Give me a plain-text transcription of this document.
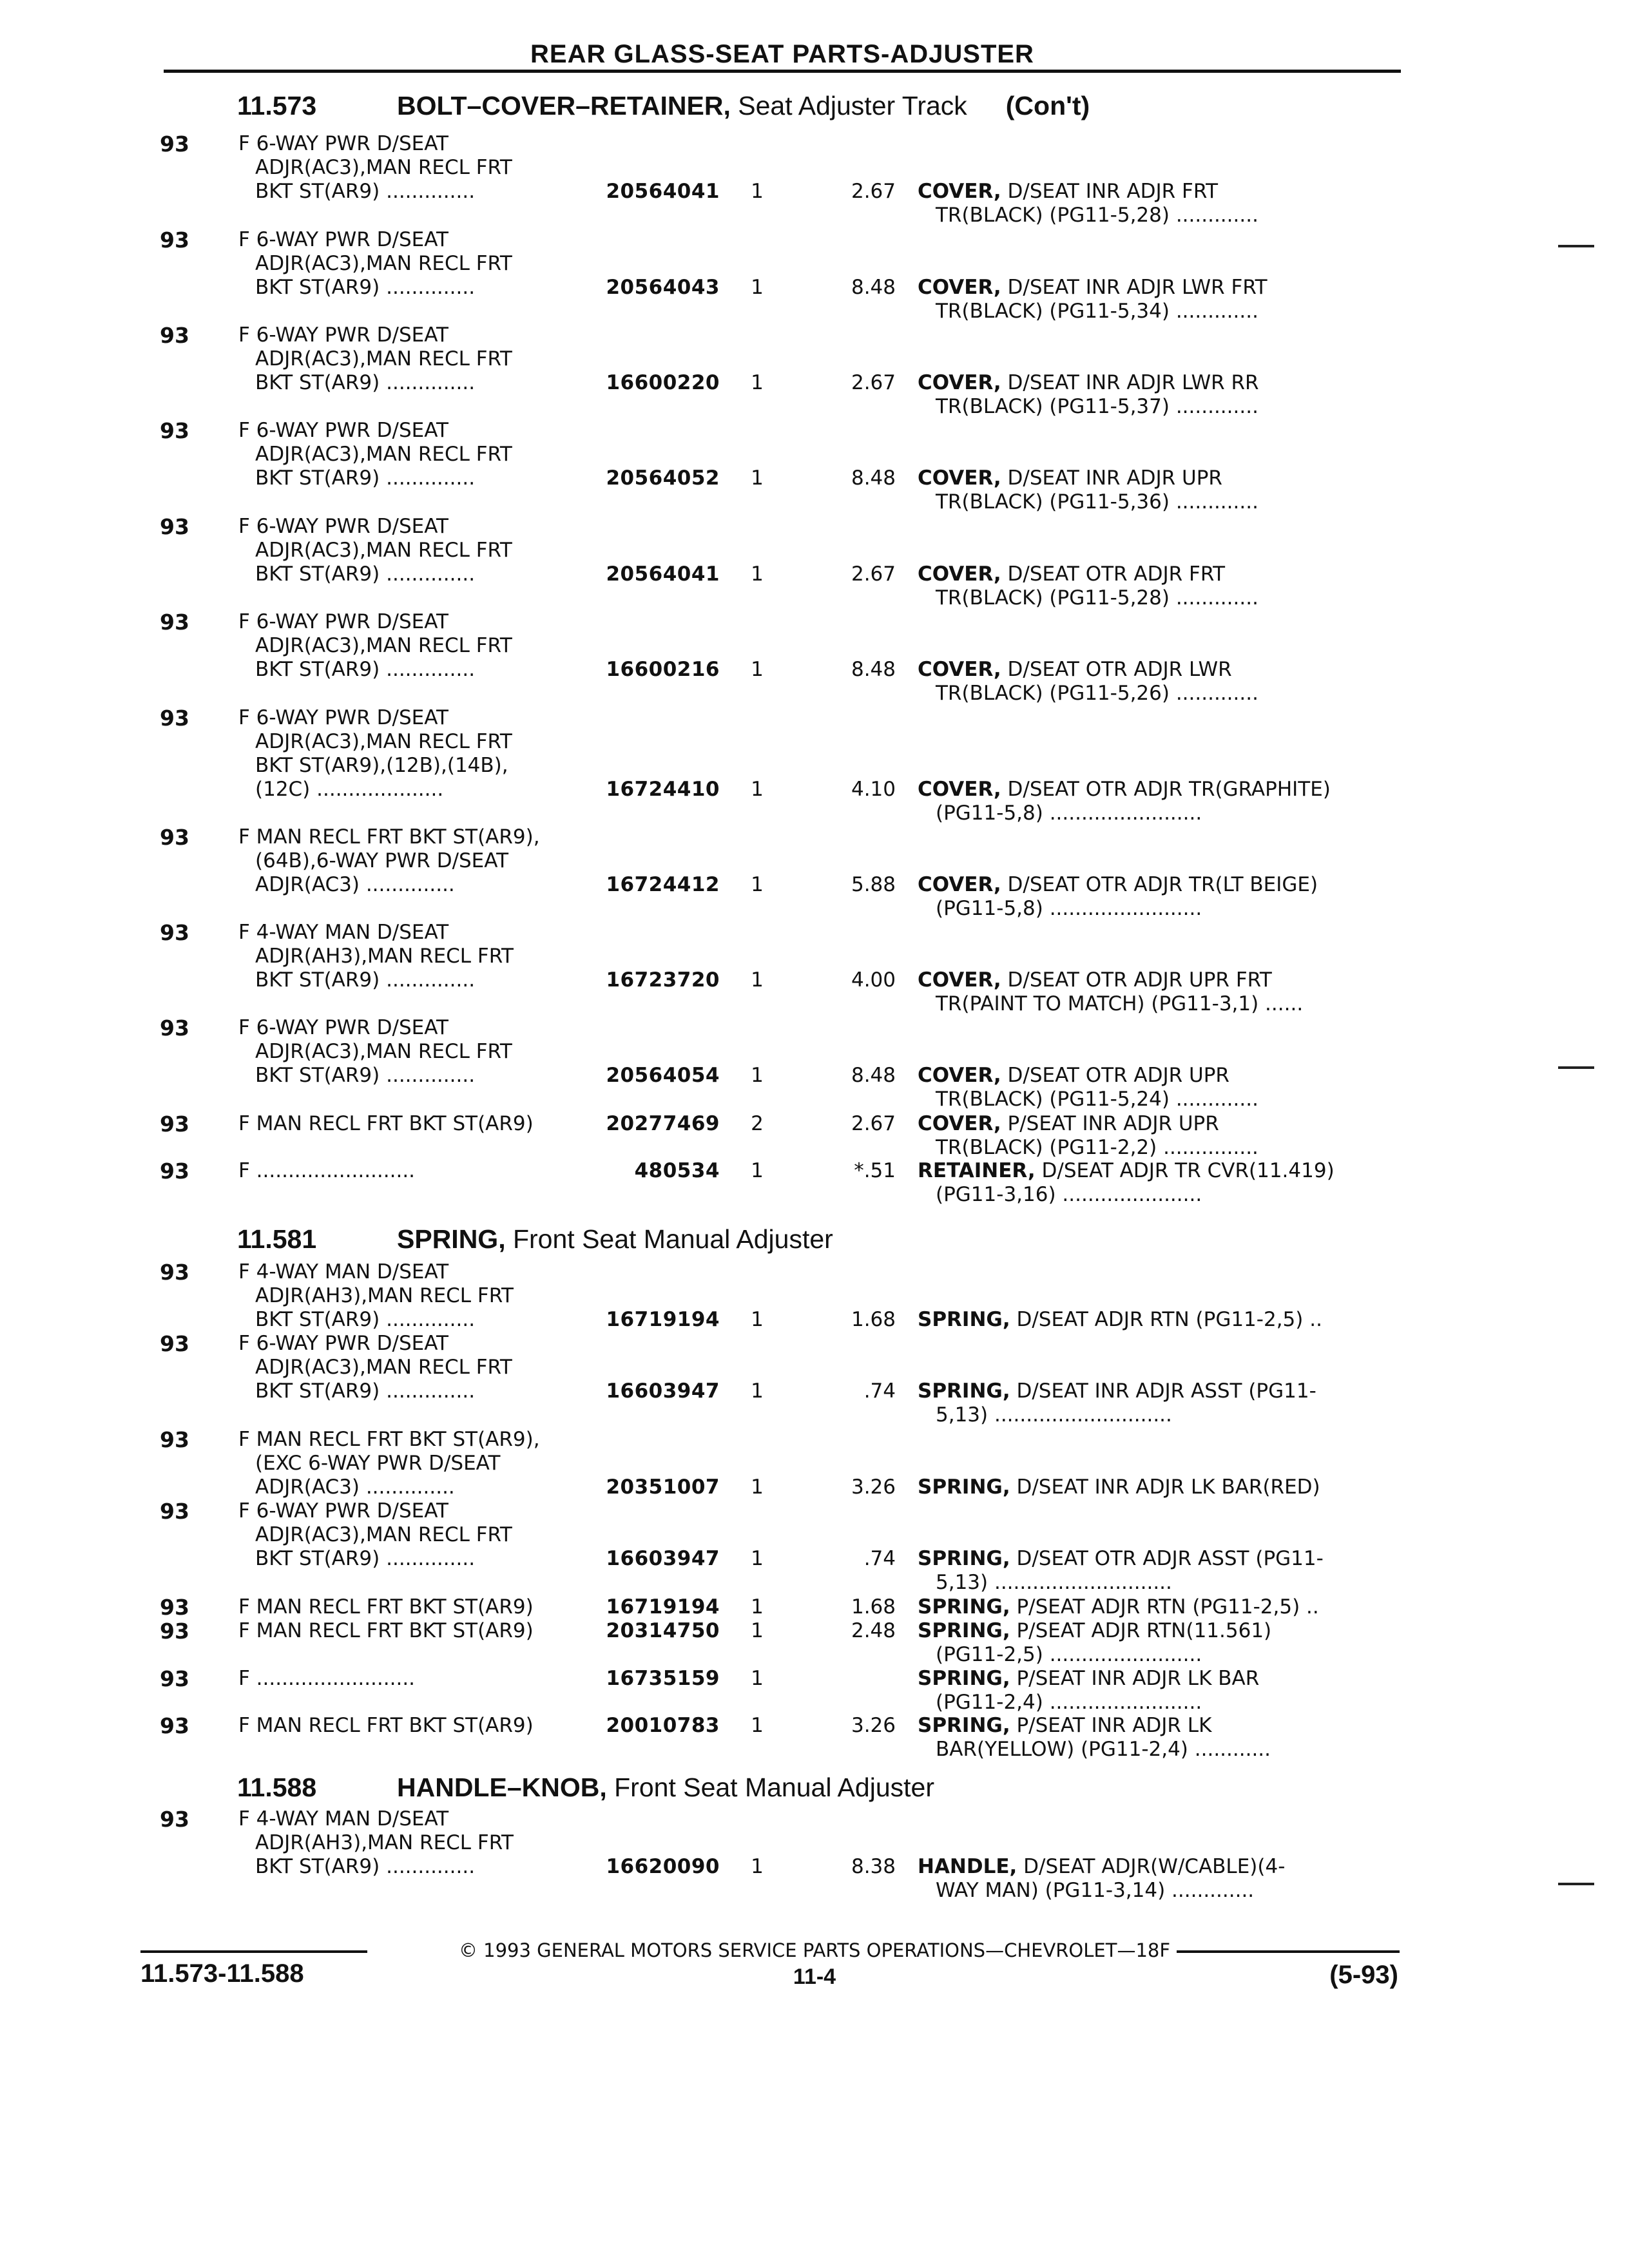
REAR GLASS-SEAT PARTS-ADJUSTER
11.573	BOLT–COVER–RETAINER, Seat Adjuster Track (Con't)
93 F 6-WAY PWR D/SEAT
ADJR(AC3),MAN RECL FRT
BKT ST(AR9) ..............	20564041	1	2.67 COVER, D/SEAT INR ADJR FRT
TR(BLACK) (PG11-5,28) .............
93 F 6-WAY PWR D/SEAT
ADJR(AC3),MAN RECL FRT
BKT ST(AR9) ..............	20564043	1	8.48 COVER, D/SEAT INR ADJR LWR FRT
TR(BLACK) (PG11-5,34) .............
93 F 6-WAY PWR D/SEAT
ADJR(AC3),MAN RECL FRT
BKT ST(AR9) ..............	16600220	1	2.67 COVER, D/SEAT INR ADJR LWR RR
TR(BLACK) (PG11-5,37) .............
93 F 6-WAY PWR D/SEAT
ADJR(AC3),MAN RECL FRT
BKT ST(AR9) ..............	20564052	1	8.48 COVER, D/SEAT INR ADJR UPR
TR(BLACK) (PG11-5,36) .............
93 F 6-WAY PWR D/SEAT
ADJR(AC3),MAN RECL FRT
BKT ST(AR9) ..............	20564041	1	2.67 COVER, D/SEAT OTR ADJR FRT
TR(BLACK) (PG11-5,28) .............
93 F 6-WAY PWR D/SEAT
ADJR(AC3),MAN RECL FRT
BKT ST(AR9) ..............	16600216	1	8.48 COVER, D/SEAT OTR ADJR LWR
TR(BLACK) (PG11-5,26) .............
93 F 6-WAY PWR D/SEAT
ADJR(AC3),MAN RECL FRT
BKT ST(AR9),(12B),(14B),
(12C) ....................	16724410	1	4.10 COVER, D/SEAT OTR ADJR TR(GRAPHITE)
(PG11-5,8) ........................
93 F MAN RECL FRT BKT ST(AR9),
(64B),6-WAY PWR D/SEAT
ADJR(AC3) ..............	16724412	1	5.88 COVER, D/SEAT OTR ADJR TR(LT BEIGE)
(PG11-5,8) ........................
93 F 4-WAY MAN D/SEAT
ADJR(AH3),MAN RECL FRT
BKT ST(AR9) ..............	16723720	1	4.00 COVER, D/SEAT OTR ADJR UPR FRT
TR(PAINT TO MATCH) (PG11-3,1) ......
93 F 6-WAY PWR D/SEAT
ADJR(AC3),MAN RECL FRT
BKT ST(AR9) ..............	20564054	1	8.48 COVER, D/SEAT OTR ADJR UPR
TR(BLACK) (PG11-5,24) .............
93 F MAN RECL FRT BKT ST(AR9)	20277469	2	2.67 COVER, P/SEAT INR ADJR UPR
TR(BLACK) (PG11-2,2) ...............
93 F .........................	480534	1	*.51 RETAINER, D/SEAT ADJR TR CVR(11.419)
(PG11-3,16) ......................
11.581	SPRING, Front Seat Manual Adjuster
93 F 4-WAY MAN D/SEAT
ADJR(AH3),MAN RECL FRT
BKT ST(AR9) ..............	16719194	1	1.68 SPRING, D/SEAT ADJR RTN (PG11-2,5) ..
93 F 6-WAY PWR D/SEAT
ADJR(AC3),MAN RECL FRT
BKT ST(AR9) ..............	16603947	1	.74 SPRING, D/SEAT INR ADJR ASST (PG11-
5,13) ............................
93 F MAN RECL FRT BKT ST(AR9),
(EXC 6-WAY PWR D/SEAT
ADJR(AC3) ..............	20351007	1	3.26 SPRING, D/SEAT INR ADJR LK BAR(RED)
93 F 6-WAY PWR D/SEAT
ADJR(AC3),MAN RECL FRT
BKT ST(AR9) ..............	16603947	1	.74 SPRING, D/SEAT OTR ADJR ASST (PG11-
5,13) ............................
93 F MAN RECL FRT BKT ST(AR9)	16719194	1	1.68 SPRING, P/SEAT ADJR RTN (PG11-2,5) ..
93 F MAN RECL FRT BKT ST(AR9)	20314750	1	2.48 SPRING, P/SEAT ADJR RTN(11.561)
(PG11-2,5) ........................
93 F .........................	16735159	1	SPRING, P/SEAT INR ADJR LK BAR
(PG11-2,4) ........................
93 F MAN RECL FRT BKT ST(AR9)	20010783	1	3.26 SPRING, P/SEAT INR ADJR LK
BAR(YELLOW) (PG11-2,4) ............
11.588	HANDLE–KNOB, Front Seat Manual Adjuster
93 F 4-WAY MAN D/SEAT
ADJR(AH3),MAN RECL FRT
BKT ST(AR9) ..............	16620090	1	8.38 HANDLE, D/SEAT ADJR(W/CABLE)(4-
WAY MAN) (PG11-3,14) .............
© 1993 GENERAL MOTORS SERVICE PARTS OPERATIONS—CHEVROLET—18F
11.573-11.588	11-4	(5-93)
